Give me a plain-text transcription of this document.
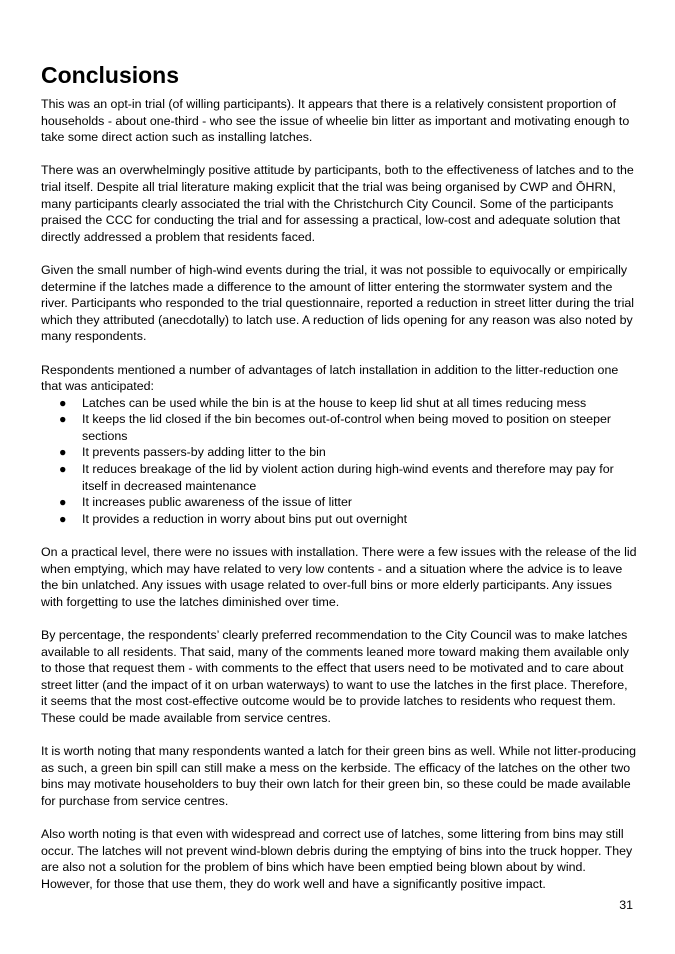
Conclusions

This was an opt-in trial (of willing participants). It appears that there is a relatively consistent proportion of households - about one-third - who see the issue of wheelie bin litter as important and motivating enough to take some direct action such as installing latches.

There was an overwhelmingly positive attitude by participants, both to the effectiveness of latches and to the trial itself. Despite all trial literature making explicit that the trial was being organised by CWP and ŌHRN, many participants clearly associated the trial with the Christchurch City Council. Some of the participants praised the CCC for conducting the trial and for assessing a practical, low-cost and adequate solution that directly addressed a problem that residents faced.

Given the small number of high-wind events during the trial, it was not possible to equivocally or empirically determine if the latches made a difference to the amount of litter entering the stormwater system and the river. Participants who responded to the trial questionnaire, reported a reduction in street litter during the trial which they attributed (anecdotally) to latch use. A reduction of lids opening for any reason was also noted by many respondents.

Respondents mentioned a number of advantages of latch installation in addition to the litter-reduction one that was anticipated:

● Latches can be used while the bin is at the house to keep lid shut at all times reducing mess
● It keeps the lid closed if the bin becomes out-of-control when being moved to position on steeper sections
● It prevents passers-by adding litter to the bin
● It reduces breakage of the lid by violent action during high-wind events and therefore may pay for itself in decreased maintenance
● It increases public awareness of the issue of litter
● It provides a reduction in worry about bins put out overnight

On a practical level, there were no issues with installation. There were a few issues with the release of the lid when emptying, which may have related to very low contents - and a situation where the advice is to leave the bin unlatched. Any issues with usage related to over-full bins or more elderly participants. Any issues with forgetting to use the latches diminished over time.

By percentage, the respondents’ clearly preferred recommendation to the City Council was to make latches available to all residents. That said, many of the comments leaned more toward making them available only to those that request them - with comments to the effect that users need to be motivated and to care about street litter (and the impact of it on urban waterways) to want to use the latches in the first place. Therefore, it seems that the most cost-effective outcome would be to provide latches to residents who request them. These could be made available from service centres.

It is worth noting that many respondents wanted a latch for their green bins as well. While not litter-producing as such, a green bin spill can still make a mess on the kerbside. The efficacy of the latches on the other two bins may motivate householders to buy their own latch for their green bin, so these could be made available for purchase from service centres.

Also worth noting is that even with widespread and correct use of latches, some littering from bins may still occur. The latches will not prevent wind-blown debris during the emptying of bins into the truck hopper. They are also not a solution for the problem of bins which have been emptied being blown about by wind. However, for those that use them, they do work well and have a significantly positive impact.

31
